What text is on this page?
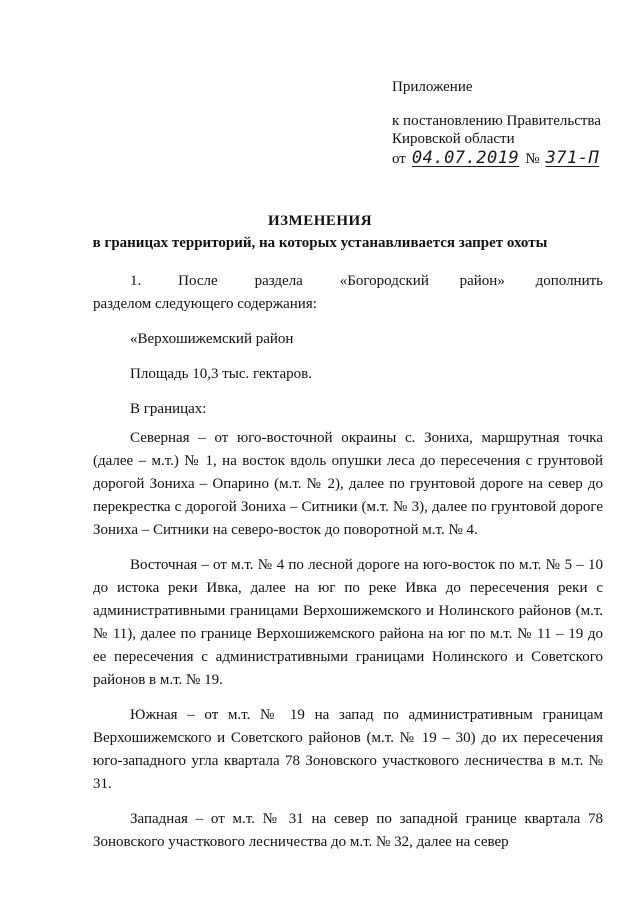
Приложение
к постановлению Правительства
Кировской области
от 04.07.2019 № 371-П
ИЗМЕНЕНИЯ
в границах территорий, на которых устанавливается запрет охоты

1.      После      раздела      «Богородский     район»     дополнить      разделом следующего содержания:

«Верхошижемский район

Площадь 10,3 тыс. гектаров.

В границах:

Северная – от юго-восточной окраины с. Зониха, маршрутная точка (далее – м.т.) № 1, на восток вдоль опушки леса до пересечения с грунтовой дорогой Зониха – Опарино (м.т. № 2), далее по грунтовой дороге на север до перекрестка с дорогой Зониха – Ситники (м.т. № 3), далее по грунтовой дороге Зониха – Ситники на северо-восток до поворотной м.т. № 4.

Восточная – от м.т. № 4 по лесной дороге на юго-восток по м.т. № 5 – 10 до истока реки Ивка, далее на юг по реке Ивка до пересечения реки с административными границами Верхошижемского и Нолинского районов (м.т. № 11), далее по границе Верхошижемского района на юг по м.т. № 11 – 19 до ее пересечения с административными границами Нолинского и Советского районов в м.т. № 19.

Южная – от м.т. № 19 на запад по административным границам Верхошижемского и Советского районов (м.т. № 19 – 30) до их пересечения юго-западного угла квартала 78 Зоновского участкового лесничества в м.т. № 31.

Западная – от м.т. № 31 на север по западной границе квартала 78 Зоновского участкового лесничества до м.т. № 32, далее на север
